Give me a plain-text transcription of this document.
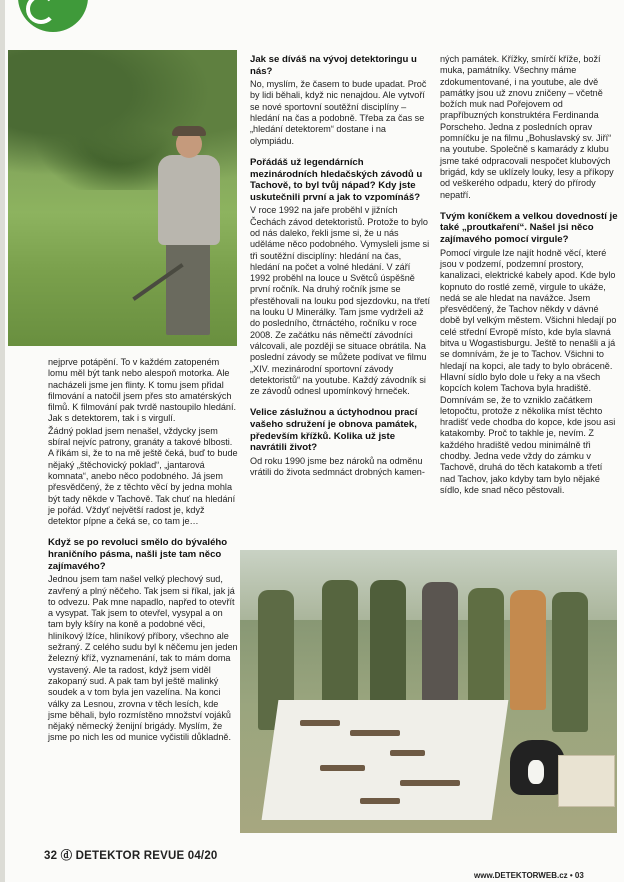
nejprve potápění. To v každém zatopeném lomu měl být tank nebo alespoň motorka. Ale nacházeli jsme jen flinty. K tomu jsem přidal filmování a natočil jsem přes sto amatérských filmů. K filmování pak tvrdě nastoupilo hledání. Jak s detektorem, tak i s virgulí.

Žádný poklad jsem nenašel, vždycky jsem sbíral nejvíc patrony, granáty a takové blbosti. A říkám si, že to na mě ještě čeká, buď to bude nějaký „štěchovický poklad“, „jantarová komnata“, anebo něco podobného. Já jsem přesvědčený, že z těchto věcí by jedna mohla být tady někde v Tachově. Tak chuť na hledání je pořád. Vždyť největší radost je, když detektor pípne a čeká se, co tam je…

Když se po revoluci smělo do bývalého hraničního pásma, našli jste tam něco zajímavého?

Jednou jsem tam našel velký plechový sud, zavřený a plný něčeho. Tak jsem si říkal, jak já to odvezu. Pak mne napadlo, napřed to otevřít a vysypat. Tak jsem to otevřel, vysypal a on tam byly kšíry na koně a podobné věci, hliníkový lžíce, hliníkový příbory, všechno ale sežraný. Z celého sudu byl k něčemu jen jeden železný kříž, vyznamenání, tak to mám doma vystavený. Ale ta radost, když jsem viděl zakopaný sud. A pak tam byl ještě malinký soudek a v tom byla jen vazelína. Na konci války za Lesnou, zrovna v těch lesích, kde jsme běhali, bylo rozmístěno množství vojáků nějaký německý ženijní brigády. Myslím, že jsme po nich les od munice vyčistili důkladně.

Jak se díváš na vývoj detektoringu u nás?

No, myslím, že časem to bude upadat. Proč by lidi běhali, když nic nenajdou. Ale vytvoří se nové sportovní soutěžní disciplíny – hledání na čas a podobně. Třeba za čas se „hledání detektorem“ dostane i na olympiádu.

Pořádáš už legendárních mezinárodních hledačských závodů u Tachově, to byl tvůj nápad? Kdy jste uskutečnili první a jak to vzpomínáš?

V roce 1992 na jaře proběhl v jižních Čechách závod detektoristů. Protože to bylo od nás daleko, řekli jsme si, že u nás uděláme něco podobného. Vymysleli jsme si tři soutěžní disciplíny: hledání na čas, hledání na počet a volné hledání. V září 1992 proběhl na louce u Světců úspěšně první ročník. Na druhý ročník jsme se přestěhovali na louku pod sjezdovku, na třetí na louku U Minerálky. Tam jsme vydrželi až do posledního, čtrnáctého, ročníku v roce 2008. Ze začátku nás němečtí závodníci válcovali, ale později se situace obrátila. Na poslední závody se můžete podívat ve filmu „XIV. mezinárodní sportovní závody detektoristů“ na youtube. Každý závodník si ze závodů odnesl upomínkový hrneček.

Velice záslužnou a úctyhodnou prací vašeho sdružení je obnova památek, především křížků. Kolika už jste navrátili život?

Od roku 1990 jsme bez nároků na odměnu vrátili do života sedmnáct drobných kamen-

ných památek. Křížky, smírčí kříže, boží muka, památníky. Všechny máme zdokumentované, i na youtube, ale dvě památky jsou už znovu zničeny – včetně božích muk nad Pořejovem od prapříbuzných konstruktéra Ferdinanda Porscheho. Jedna z posledních oprav pomníčku je na filmu „Bohuslavský sv. Jiří“ na youtube. Společně s kamarády z klubu jsme také odpracovali nespočet klubových brigád, kdy se uklízely louky, lesy a příkopy od veškerého odpadu, který do přírody nepatří.

Tvým koníčkem a velkou dovedností je také „proutkaření“. Našel jsi něco zajímavého pomocí virgule?

Pomocí virgule lze najít hodně věcí, které jsou v podzemí, podzemní prostory, kanalizaci, elektrické kabely apod. Kde bylo kopnuto do rostlé země, virgule to ukáže, nedá se ale hledat na navážce. Jsem přesvědčený, že Tachov někdy v dávné době byl velkým městem. Všichni hledají po celé střední Evropě místo, kde byla slavná bitva u Wogastisburgu. Ještě to nenašli a já se domnívám, že je to Tachov. Všichni to hledají na kopci, ale tady to bylo obráceně. Hlavní sídlo bylo dole u řeky a na všech kopcích kolem Tachova byla hradiště. Domnívám se, že to vzniklo začátkem letopočtu, protože z několika míst těchto hradišť vede chodba do kopce, kde jsou asi katakomby. Proč to takhle je, nevím. Z každého hradiště vedou minimálně tři chodby. Jedna vede vždy do zámku v Tachově, druhá do těch katakomb a třetí nad Tachov, jako kdyby tam bylo nějaké sídlo, kde snad něco pěstovali.

32 ⓓ DETEKTOR REVUE 04/20
www.DETEKTORWEB.cz • 03
